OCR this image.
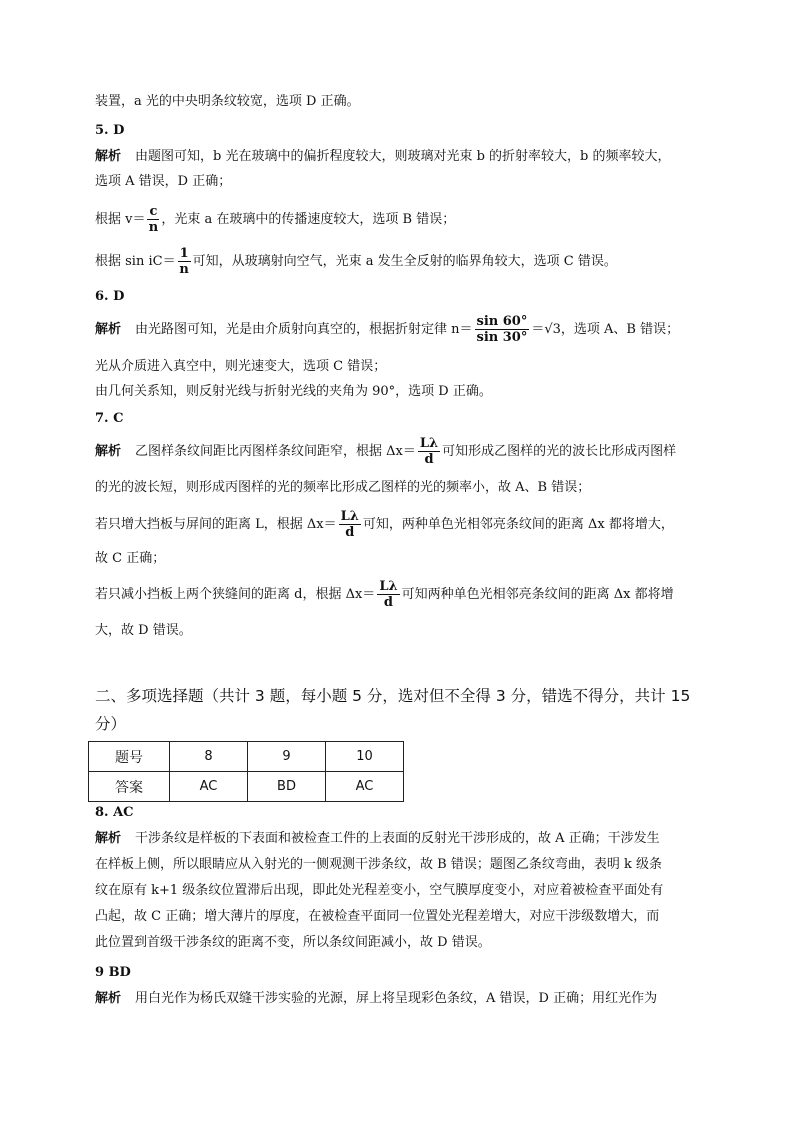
装置，a 光的中央明条纹较宽，选项 D 正确。
5. D
解析 由题图可知，b 光在玻璃中的偏折程度较大，则玻璃对光束 b 的折射率较大，b 的频率较大，
选项 A 错误，D 正确；
根据 $v= \frac{c}{n}$ ，光束 a 在玻璃中的传播速度较大，选项 B 错误；
根据 $\sin iC= \frac{1}{n}$ 可知，从玻璃射向空气，光束 a 发生全反射的临界角较大，选项 C 错误。
6. D
解析 由光路图可知，光是由介质射向真空的，根据折射定律 $n= \frac{\sin 60^\circ}{\sin 30^\circ} =√3$，选项 A、B 错误；
光从介质进入真空中，则光速变大，选项 C 错误；
由几何关系知，则反射光线与折射光线的夹角为 90°，选项 D 正确。
7. C
解析 乙图样条纹间距比丙图样条纹间距窄，根据 $\Delta x= \frac{L\lambda}{d}$ 可知形成乙图样的光的波长比形成丙图样
的光的波长短，则形成丙图样的光的频率比形成乙图样的光的频率小，故 A、B 错误；
若只增大挡板与屏间的距离 L，根据 $\Delta x= \frac{L\lambda}{d}$ 可知，两种单色光相邻亮条纹间的距离 Δx 都将增大，
故 C 正确；
若只减小挡板上两个狭缝间的距离 d，根据 $\Delta x= \frac{L\lambda}{d}$ 可知两种单色光相邻亮条纹间的距离 Δx 都将增
大，故 D 错误。
二、多项选择题（共计 3 题，每小题 5 分，选对但不全得 3 分，错选不得分，共计 15
分）
题号	8	9	10
答案	AC	BD	AC
8. AC
解析 干涉条纹是样板的下表面和被检查工件的上表面的反射光干涉形成的，故 A 正确；干涉发生
在样板上侧，所以眼睛应从入射光的一侧观测干涉条纹，故 B 错误；题图乙条纹弯曲，表明 k 级条
纹在原有 k+1 级条纹位置滞后出现，即此处光程差变小，空气膜厚度变小，对应着被检查平面处有
凸起，故 C 正确；增大薄片的厚度，在被检查平面同一位置处光程差增大，对应干涉级数增大，而
此位置到首级干涉条纹的距离不变，所以条纹间距减小，故 D 错误。
9 BD
解析 用白光作为杨氏双缝干涉实验的光源，屏上将呈现彩色条纹，A 错误，D 正确；用红光作为
